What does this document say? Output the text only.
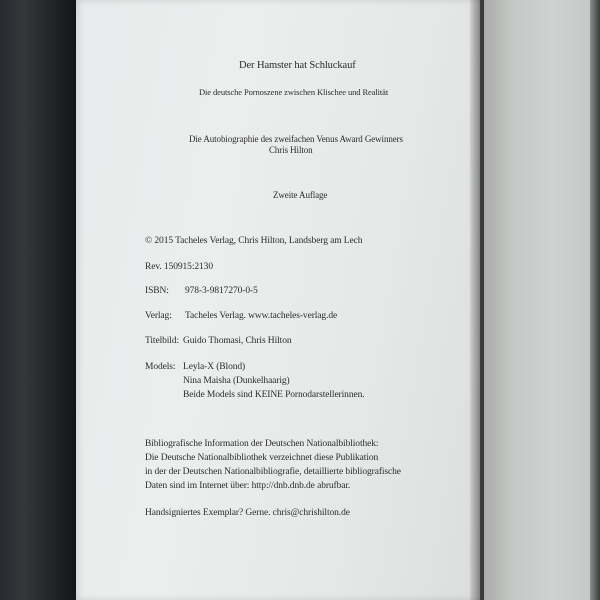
Der Hamster hat Schluckauf
Die deutsche Pornoszene zwischen Klischee und Realität
Die Autobiographie des zweifachen Venus Award Gewinners
Chris Hilton
Zweite Auflage
© 2015 Tacheles Verlag, Chris Hilton, Landsberg am Lech
Rev. 150915:2130
ISBN: 978-3-9817270-0-5
Verlag: Tacheles Verlag. www.tacheles-verlag.de
Titelbild: Guido Thomasi, Chris Hilton
Models: Leyla-X (Blond)
Nina Maisha (Dunkelhaarig)
Beide Models sind KEINE Pornodarstellerinnen.
Bibliografische Information der Deutschen Nationalbibliothek:
Die Deutsche Nationalbibliothek verzeichnet diese Publikation
in der der Deutschen Nationalbibliografie, detaillierte bibliografische
Daten sind im Internet über: http://dnb.dnb.de abrufbar.
Handsigniertes Exemplar? Gerne. chris@chrishilton.de
